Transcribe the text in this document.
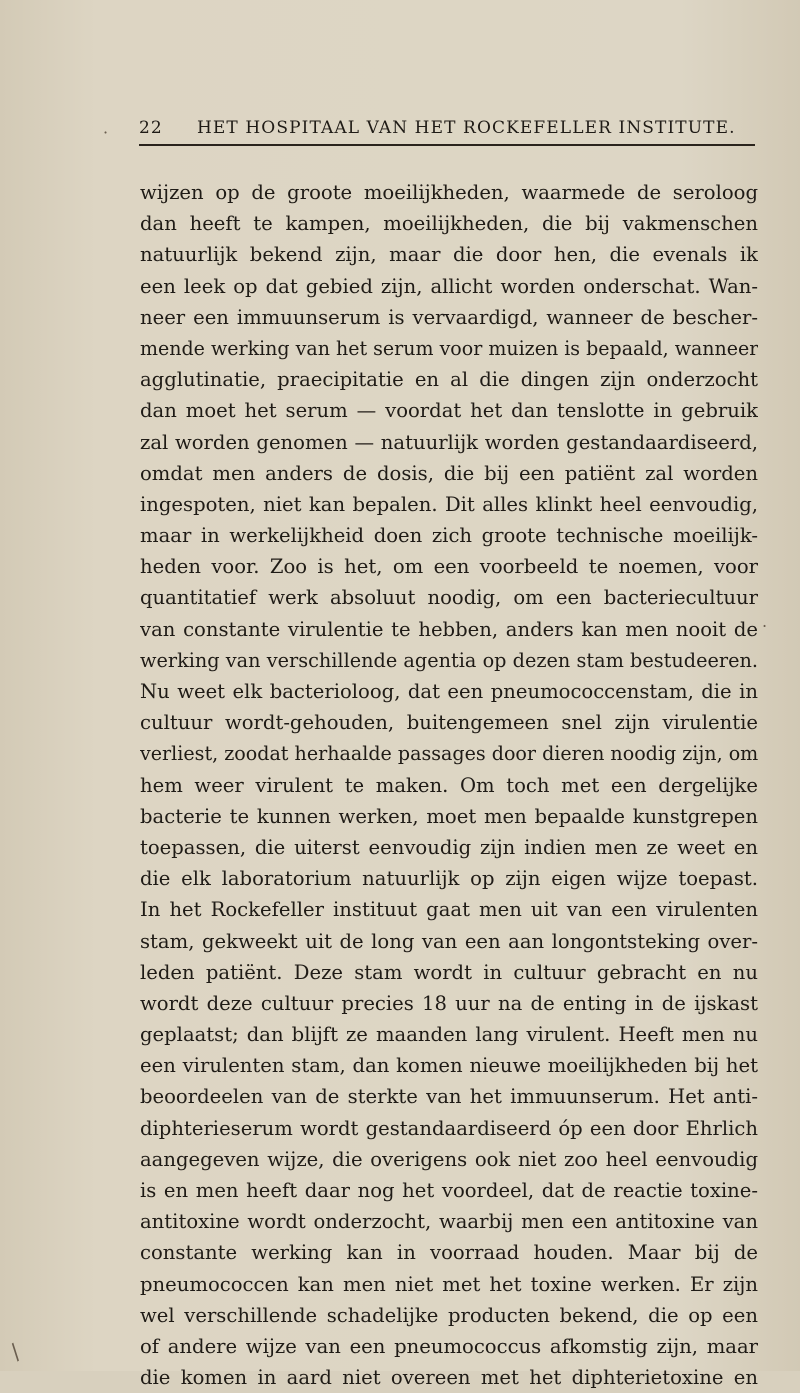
22 HET HOSPITAAL VAN HET ROCKEFELLER INSTITUTE.
wijzen op de groote moeilijkheden, waarmede de seroloog
dan heeft te kampen, moeilijkheden, die bij vakmenschen
natuurlijk bekend zijn, maar die door hen, die evenals ik
een leek op dat gebied zijn, allicht worden onderschat. Wan-
neer een immuunserum is vervaardigd, wanneer de bescher-
mende werking van het serum voor muizen is bepaald, wanneer
agglutinatie, praecipitatie en al die dingen zijn onderzocht
dan moet het serum — voordat het dan tenslotte in gebruik
zal worden genomen — natuurlijk worden gestandaardiseerd,
omdat men anders de dosis, die bij een patiënt zal worden
ingespoten, niet kan bepalen. Dit alles klinkt heel eenvoudig,
maar in werkelijkheid doen zich groote technische moeilijk-
heden voor. Zoo is het, om een voorbeeld te noemen, voor
quantitatief werk absoluut noodig, om een bacteriecultuur
van constante virulentie te hebben, anders kan men nooit de
werking van verschillende agentia op dezen stam bestudeeren.
Nu weet elk bacterioloog, dat een pneumococcenstam, die in
cultuur wordt-gehouden, buitengemeen snel zijn virulentie
verliest, zoodat herhaalde passages door dieren noodig zijn, om
hem weer virulent te maken. Om toch met een dergelijke
bacterie te kunnen werken, moet men bepaalde kunstgrepen
toepassen, die uiterst eenvoudig zijn indien men ze weet en
die elk laboratorium natuurlijk op zijn eigen wijze toepast.
In het Rockefeller instituut gaat men uit van een virulenten
stam, gekweekt uit de long van een aan longontsteking over-
leden patiënt. Deze stam wordt in cultuur gebracht en nu
wordt deze cultuur precies 18 uur na de enting in de ijskast
geplaatst; dan blijft ze maanden lang virulent. Heeft men nu
een virulenten stam, dan komen nieuwe moeilijkheden bij het
beoordeelen van de sterkte van het immuunserum. Het anti-
diphterieserum wordt gestandaardiseerd óp een door Ehrlich
aangegeven wijze, die overigens ook niet zoo heel eenvoudig
is en men heeft daar nog het voordeel, dat de reactie toxine-
antitoxine wordt onderzocht, waarbij men een antitoxine van
constante werking kan in voorraad houden. Maar bij de
pneumococcen kan men niet met het toxine werken. Er zijn
wel verschillende schadelijke producten bekend, die op een
of andere wijze van een pneumococcus afkomstig zijn, maar
die komen in aard niet overeen met het diphterietoxine en
·
.
/
